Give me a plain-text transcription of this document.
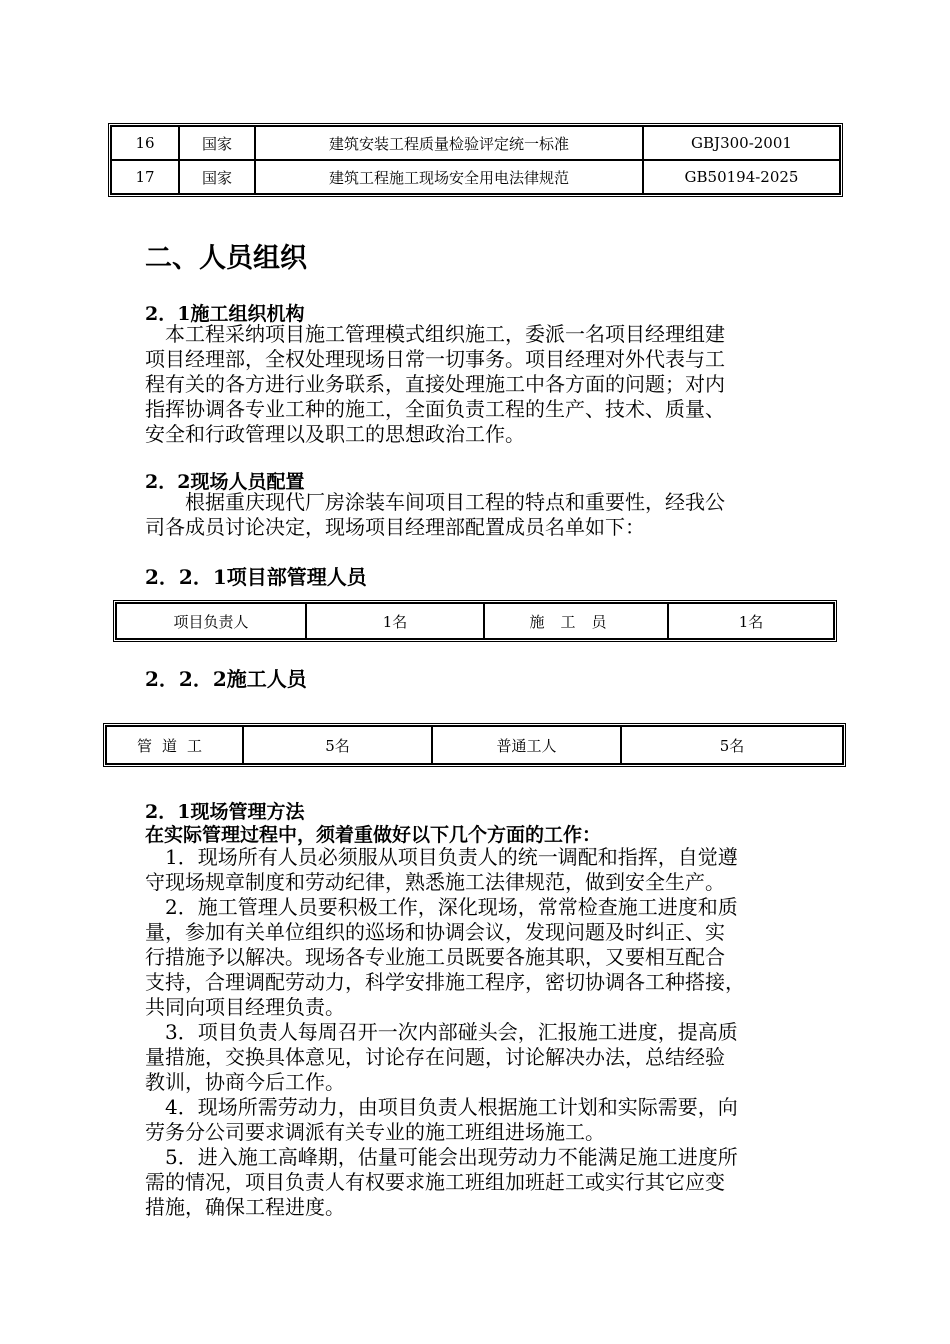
16	国家	建筑安装工程质量检验评定统一标准	GBJ300-2001
17	国家	建筑工程施工现场安全用电法律规范	GB50194-2025
二、人员组织
2．1施工组织机构

　本工程采纳项目施工管理模式组织施工，委派一名项目经理组建

项目经理部，全权处理现场日常一切事务。项目经理对外代表与工

程有关的各方进行业务联系，直接处理施工中各方面的问题；对内

指挥协调各专业工种的施工，全面负责工程的生产、技术、质量、

安全和行政管理以及职工的思想政治工作。

2．2现场人员配置

　　根据重庆现代厂房涂装车间项目工程的特点和重要性，经我公

司各成员讨论决定，现场项目经理部配置成员名单如下：

2．2．1项目部管理人员
项目负责人	1名	施工员	1名
2．2．2施工人员
管道工	5名	普通工人	5名
2．1现场管理方法
在实际管理过程中，须着重做好以下几个方面的工作：

　1．现场所有人员必须服从项目负责人的统一调配和指挥，自觉遵

守现场规章制度和劳动纪律，熟悉施工法律规范，做到安全生产。

　2．施工管理人员要积极工作，深化现场，常常检查施工进度和质

量，参加有关单位组织的巡场和协调会议，发现问题及时纠正、实

行措施予以解决。现场各专业施工员既要各施其职，又要相互配合

支持，合理调配劳动力，科学安排施工程序，密切协调各工种搭接，

共同向项目经理负责。

　3．项目负责人每周召开一次内部碰头会，汇报施工进度，提高质

量措施，交换具体意见，讨论存在问题，讨论解决办法，总结经验

教训，协商今后工作。

　4．现场所需劳动力，由项目负责人根据施工计划和实际需要，向

劳务分公司要求调派有关专业的施工班组进场施工。

　5．进入施工高峰期，估量可能会出现劳动力不能满足施工进度所

需的情况，项目负责人有权要求施工班组加班赶工或实行其它应变

措施，确保工程进度。
